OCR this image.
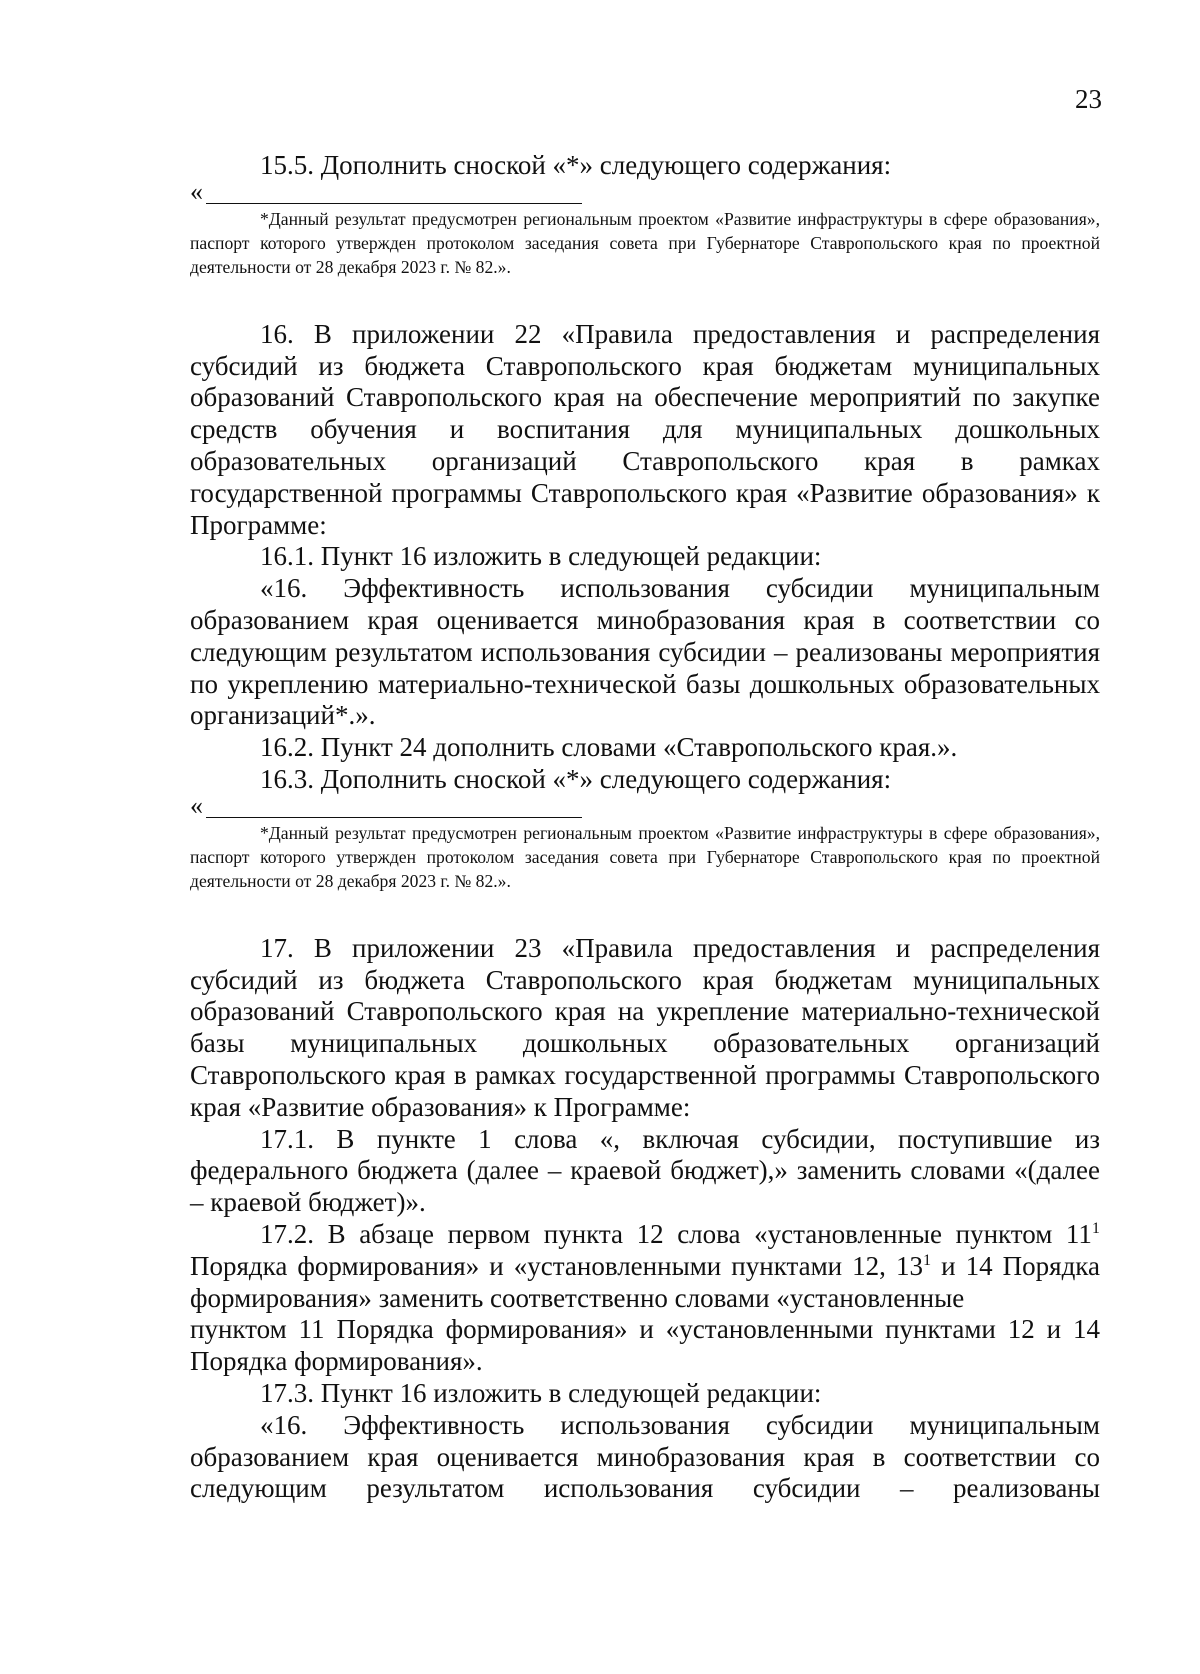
23

15.5. Дополнить сноской «*» следующего содержания:

«

*Данный результат предусмотрен региональным проектом «Развитие инфраструктуры в сфере образования», паспорт которого утвержден протоколом заседания совета при Губернаторе Ставропольского края по проектной деятельности от 28 декабря 2023 г. № 82.».

16. В приложении 22 «Правила предоставления и распределения субсидий из бюджета Ставропольского края бюджетам муниципальных образований Ставропольского края на обеспечение мероприятий по закупке средств обучения и воспитания для муниципальных дошкольных образовательных организаций Ставропольского края в рамках государственной программы Ставропольского края «Развитие образования» к Программе:

16.1. Пункт 16 изложить в следующей редакции:

«16. Эффективность использования субсидии муниципальным образованием края оценивается минобразования края в соответствии со следующим результатом использования субсидии – реализованы мероприятия по укреплению материально-технической базы дошкольных образовательных организаций*.».

16.2. Пункт 24 дополнить словами «Ставропольского края.».

16.3. Дополнить сноской «*» следующего содержания:

«

*Данный результат предусмотрен региональным проектом «Развитие инфраструктуры в сфере образования», паспорт которого утвержден протоколом заседания совета при Губернаторе Ставропольского края по проектной деятельности от 28 декабря 2023 г. № 82.».

17. В приложении 23 «Правила предоставления и распределения субсидий из бюджета Ставропольского края бюджетам муниципальных образований Ставропольского края на укрепление материально-технической базы муниципальных дошкольных образовательных организаций Ставропольского края в рамках государственной программы Ставропольского края «Развитие образования» к Программе:

17.1. В пункте 1 слова «, включая субсидии, поступившие из федерального бюджета (далее – краевой бюджет),» заменить словами «(далее – краевой бюджет)».

17.2. В абзаце первом пункта 12 слова «установленные пунктом $11^1$ Порядка формирования» и «установленными пунктами 12, $13^1$ и 14 Порядка формирования» заменить соответственно словами «установленные

пунктом 11 Порядка формирования» и «установленными пунктами 12 и 14 Порядка формирования».

17.3. Пункт 16 изложить в следующей редакции:

«16. Эффективность использования субсидии муниципальным образованием края оценивается минобразования края в соответствии со следующим результатом использования субсидии – реализованы
